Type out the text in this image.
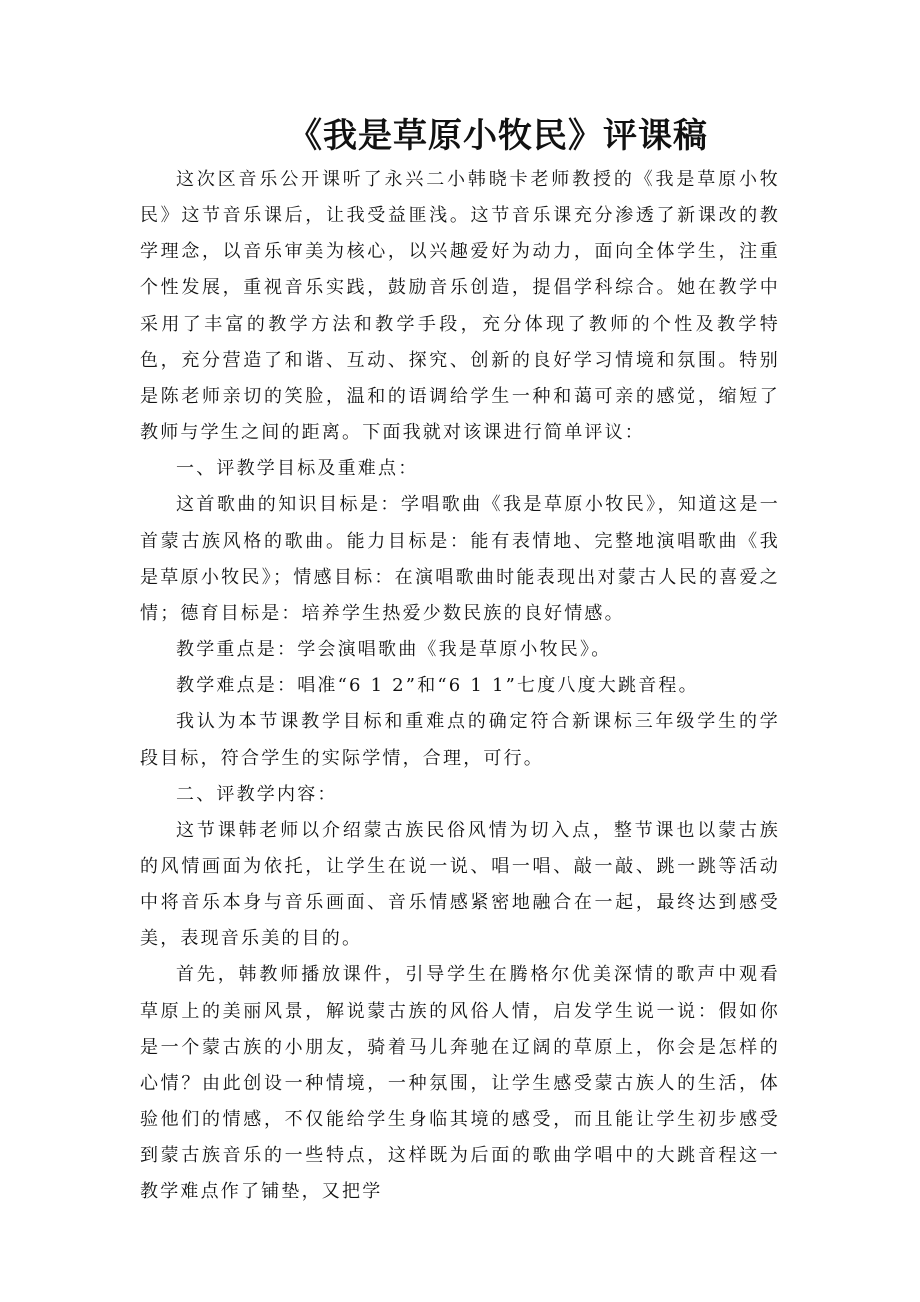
《我是草原小牧民》评课稿

这次区音乐公开课听了永兴二小韩晓卡老师教授的《我是草原小牧民》这节音乐课后，让我受益匪浅。这节音乐课充分渗透了新课改的教学理念，以音乐审美为核心，以兴趣爱好为动力，面向全体学生，注重个性发展，重视音乐实践，鼓励音乐创造，提倡学科综合。她在教学中采用了丰富的教学方法和教学手段，充分体现了教师的个性及教学特色，充分营造了和谐、互动、探究、创新的良好学习情境和氛围。特别是陈老师亲切的笑脸，温和的语调给学生一种和蔼可亲的感觉，缩短了教师与学生之间的距离。下面我就对该课进行简单评议：

一、评教学目标及重难点：

这首歌曲的知识目标是：学唱歌曲《我是草原小牧民》，知道这是一首蒙古族风格的歌曲。能力目标是：能有表情地、完整地演唱歌曲《我是草原小牧民》；情感目标：在演唱歌曲时能表现出对蒙古人民的喜爱之情；德育目标是：培养学生热爱少数民族的良好情感。

教学重点是：学会演唱歌曲《我是草原小牧民》。

教学难点是：唱准“6 1 2”和“6 1 1”七度八度大跳音程。

我认为本节课教学目标和重难点的确定符合新课标三年级学生的学段目标，符合学生的实际学情，合理，可行。

二、评教学内容：

这节课韩老师以介绍蒙古族民俗风情为切入点，整节课也以蒙古族的风情画面为依托，让学生在说一说、唱一唱、敲一敲、跳一跳等活动中将音乐本身与音乐画面、音乐情感紧密地融合在一起，最终达到感受美，表现音乐美的目的。

首先，韩教师播放课件，引导学生在腾格尔优美深情的歌声中观看草原上的美丽风景，解说蒙古族的风俗人情，启发学生说一说：假如你是一个蒙古族的小朋友，骑着马儿奔驰在辽阔的草原上，你会是怎样的心情？由此创设一种情境，一种氛围，让学生感受蒙古族人的生活，体验他们的情感，不仅能给学生身临其境的感受，而且能让学生初步感受到蒙古族音乐的一些特点，这样既为后面的歌曲学唱中的大跳音程这一教学难点作了铺垫，又把学
